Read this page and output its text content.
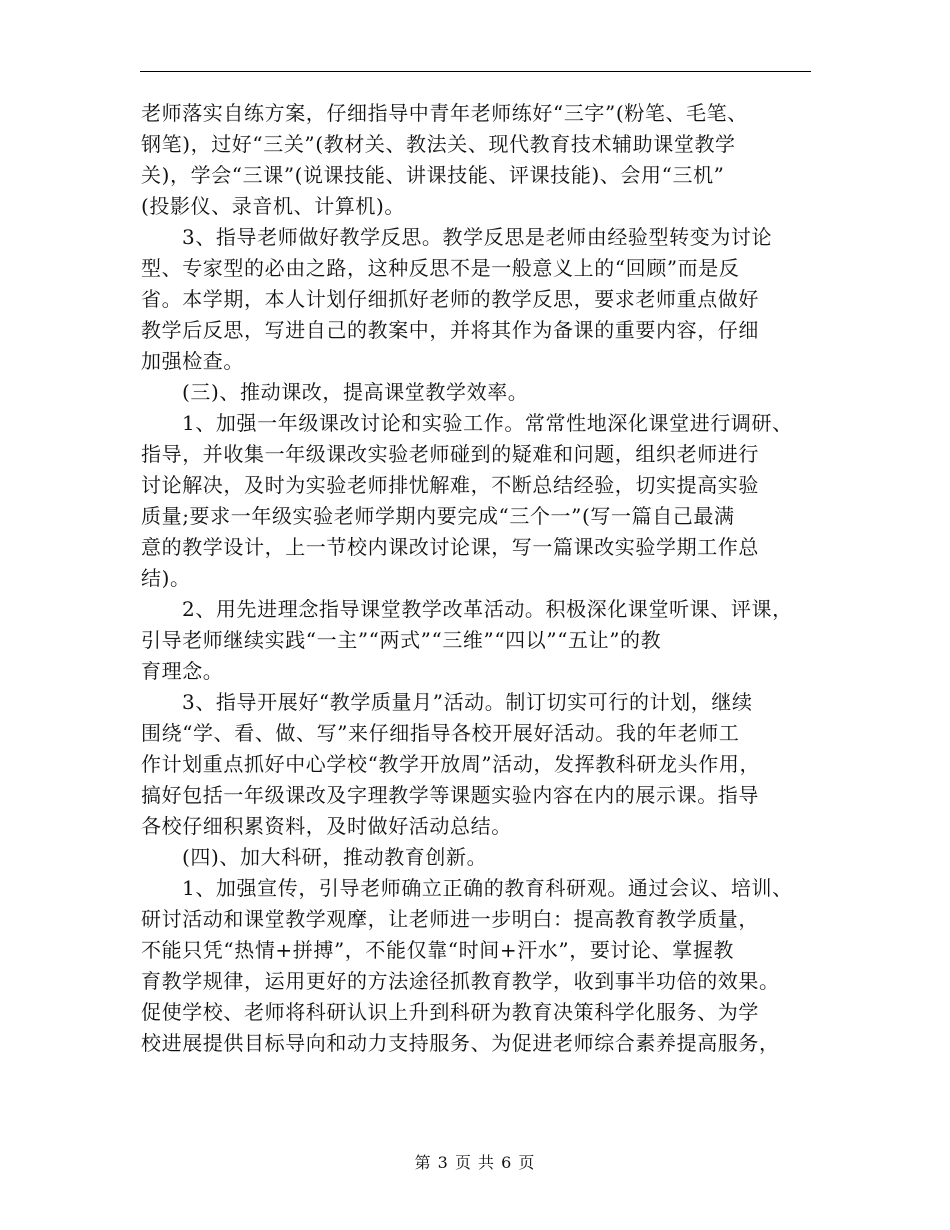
老师落实自练方案，仔细指导中青年老师练好“三字”(粉笔、毛笔、

钢笔)，过好“三关”(教材关、教法关、现代教育技术辅助课堂教学

关)，学会“三课”(说课技能、讲课技能、评课技能)、会用“三机”

(投影仪、录音机、计算机)。

3、指导老师做好教学反思。教学反思是老师由经验型转变为讨论

型、专家型的必由之路，这种反思不是一般意义上的“回顾”而是反

省。本学期，本人计划仔细抓好老师的教学反思，要求老师重点做好

教学后反思，写进自己的教案中，并将其作为备课的重要内容，仔细

加强检查。

(三)、推动课改，提高课堂教学效率。

1、加强一年级课改讨论和实验工作。常常性地深化课堂进行调研、

指导，并收集一年级课改实验老师碰到的疑难和问题，组织老师进行

讨论解决，及时为实验老师排忧解难，不断总结经验，切实提高实验

质量;要求一年级实验老师学期内要完成“三个一”(写一篇自己最满

意的教学设计，上一节校内课改讨论课，写一篇课改实验学期工作总

结)。

2、用先进理念指导课堂教学改革活动。积极深化课堂听课、评课，

引导老师继续实践“一主”“两式”“三维”“四以”“五让”的教

育理念。

3、指导开展好“教学质量月”活动。制订切实可行的计划，继续

围绕“学、看、做、写”来仔细指导各校开展好活动。我的年老师工

作计划重点抓好中心学校“教学开放周”活动，发挥教科研龙头作用，

搞好包括一年级课改及字理教学等课题实验内容在内的展示课。指导

各校仔细积累资料，及时做好活动总结。

(四)、加大科研，推动教育创新。

1、加强宣传，引导老师确立正确的教育科研观。通过会议、培训、

研讨活动和课堂教学观摩，让老师进一步明白：提高教育教学质量，

不能只凭“热情+拼搏”，不能仅靠“时间+汗水”，要讨论、掌握教

育教学规律，运用更好的方法途径抓教育教学，收到事半功倍的效果。

促使学校、老师将科研认识上升到科研为教育决策科学化服务、为学

校进展提供目标导向和动力支持服务、为促进老师综合素养提高服务，

第 3 页 共 6 页
